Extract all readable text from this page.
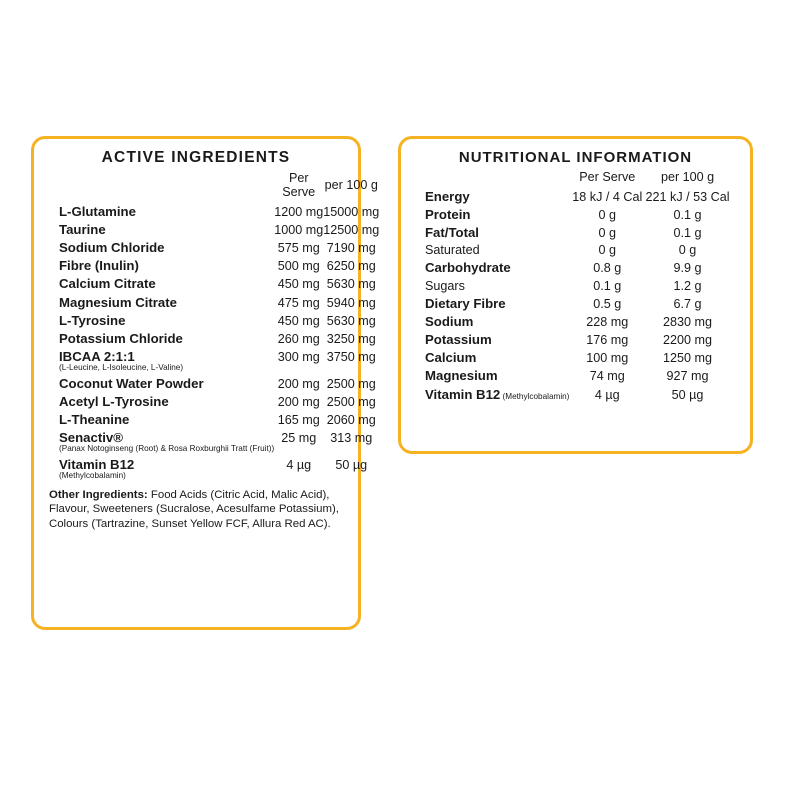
ACTIVE INGREDIENTS
	Per Serve	per 100 g
L-Glutamine	1200 mg	15000 mg
Taurine	1000 mg	12500 mg
Sodium Chloride	575 mg	7190 mg
Fibre (Inulin)	500 mg	6250 mg
Calcium Citrate	450 mg	5630 mg
Magnesium Citrate	475 mg	5940 mg
L-Tyrosine	450 mg	5630 mg
Potassium Chloride	260 mg	3250 mg
IBCAA 2:1:1
(L-Leucine, L-Isoleucine, L-Valine)	300 mg	3750 mg
Coconut Water Powder	200 mg	2500 mg
Acetyl L-Tyrosine	200 mg	2500 mg
L-Theanine	165 mg	2060 mg
Senactiv®
(Panax Notoginseng (Root) & Rosa Roxburghii Tratt (Fruit))	25 mg	313 mg
Vitamin B12
(Methylcobalamin)	4 µg	50 µg
Other Ingredients: Food Acids (Citric Acid, Malic Acid), Flavour, Sweeteners (Sucralose, Acesulfame Potassium), Colours (Tartrazine, Sunset Yellow FCF, Allura Red AC).
NUTRITIONAL INFORMATION
	Per Serve	per 100 g
Energy	18 kJ / 4 Cal	221 kJ / 53 Cal
Protein	0 g	0.1 g
Fat/Total	0 g	0.1 g
Saturated	0 g	0 g
Carbohydrate	0.8 g	9.9 g
Sugars	0.1 g	1.2 g
Dietary Fibre	0.5 g	6.7 g
Sodium	228 mg	2830 mg
Potassium	176 mg	2200 mg
Calcium	100 mg	1250 mg
Magnesium	74 mg	927 mg
Vitamin B12 (Methylcobalamin)	4 µg	50 µg
